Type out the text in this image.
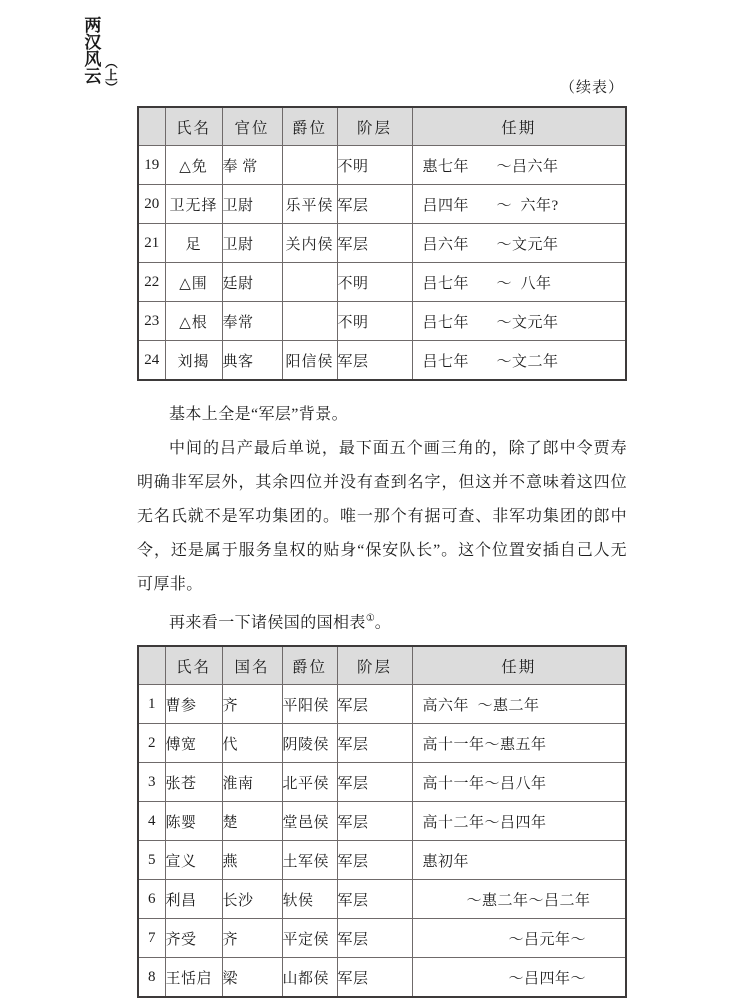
两汉风云 （上）	（续表）
	氏名	官位	爵位	阶层	任期
19	△免	奉 常		不明	惠七年 ～吕六年

20	卫无择	卫尉	乐平侯	军层	吕四年 ～  六年?

21	足	卫尉	关内侯	军层	吕六年 ～文元年

22	△围	廷尉		不明	吕七年 ～  八年

23	△根	奉常		不明	吕七年 ～文元年

24	刘揭	典客	阳信侯	军层	吕七年 ～文二年

基本上全是“军层”背景。

中间的吕产最后单说，最下面五个画三角的，除了郎中令贾寿明确非军层外，其余四位并没有查到名字，但这并不意味着这四位无名氏就不是军功集团的。唯一那个有据可查、非军功集团的郎中令，还是属于服务皇权的贴身“保安队长”。这个位置安插自己人无可厚非。

再来看一下诸侯国的国相表①。

	氏名	国名	爵位	阶层	任期
1	曹参	齐	平阳侯	军层	高六年  ～惠二年

2	傅宽	代	阴陵侯	军层	高十一年～惠五年

3	张苍	淮南	北平侯	军层	高十一年～吕八年

4	陈婴	楚	堂邑侯	军层	高十二年～吕四年

5	宣义	燕	土军侯	军层	惠初年

6	利昌	长沙	轪侯	军层	～惠二年～吕二年

7	齐受	齐	平定侯	军层	～吕元年～

8	王恬启	梁	山都侯	军层	～吕四年～
